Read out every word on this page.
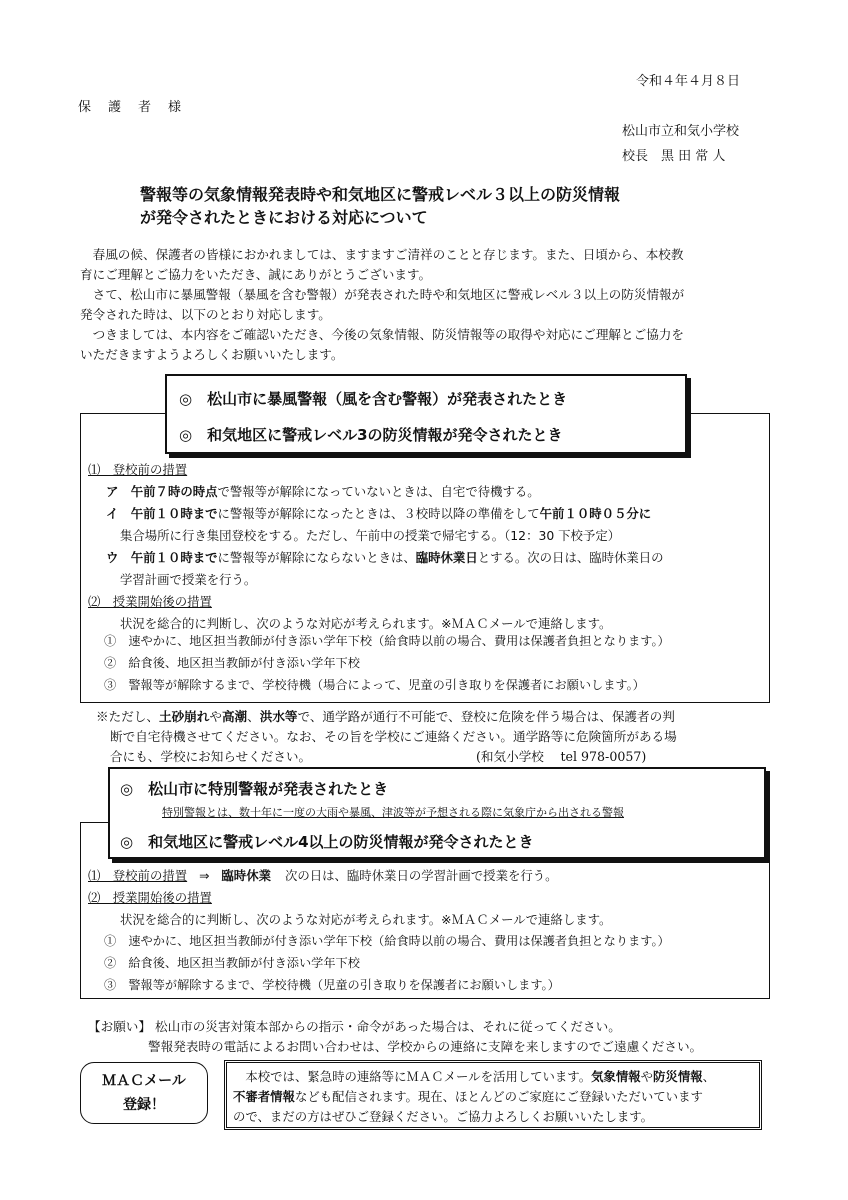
令和４年４月８日
保　護　者　様
松山市立和気小学校
校長　黒 田 常 人
警報等の気象情報発表時や和気地区に警戒レベル３以上の防災情報
が発令されたときにおける対応について

　春風の候、保護者の皆様におかれましては、ますますご清祥のことと存じます。また、日頃から、本校教

育にご理解とご協力をいただき、誠にありがとうございます。

　さて、松山市に暴風警報（暴風を含む警報）が発表された時や和気地区に警戒レベル３以上の防災情報が

発令された時は、以下のとおり対応します。

　つきましては、本内容をご確認いただき、今後の気象情報、防災情報等の取得や対応にご理解とご協力を

いただきますようよろしくお願いいたします。

◎　松山市に暴風警報（風を含む警報）が発表されたとき
◎　和気地区に警戒レベル3の防災情報が発令されたとき
⑴　登校前の措置
ア　午前７時の時点で警報等が解除になっていないときは、自宅で待機する。
イ　午前１０時までに警報等が解除になったときは、３校時以降の準備をして午前１０時０５分に
集合場所に行き集団登校をする。ただし、午前中の授業で帰宅する。（12：30 下校予定）
ウ　午前１０時までに警報等が解除にならないときは、臨時休業日とする。次の日は、臨時休業日の
学習計画で授業を行う。
⑵　授業開始後の措置
状況を総合的に判断し、次のような対応が考えられます。※ＭＡＣメールで連絡します。
①　速やかに、地区担当教師が付き添い学年下校（給食時以前の場合、費用は保護者負担となります。）
②　給食後、地区担当教師が付き添い学年下校
③　警報等が解除するまで、学校待機（場合によって、児童の引き取りを保護者にお願いします。）
※ただし、土砂崩れや高潮、洪水等で、通学路が通行不可能で、登校に危険を伴う場合は、保護者の判
断で自宅待機させてください。なお、その旨を学校にご連絡ください。通学路等に危険箇所がある場
合にも、学校にお知らせください。	(和気小学校　 tel 978-0057)
◎　松山市に特別警報が発表されたとき
特別警報とは、数十年に一度の大雨や暴風、津波等が予想される際に気象庁から出される警報
◎　和気地区に警戒レベル4以上の防災情報が発令されたとき
⑴　登校前の措置 ⇒ 臨時休業 次の日は、臨時休業日の学習計画で授業を行う。
⑵　授業開始後の措置
状況を総合的に判断し、次のような対応が考えられます。※ＭＡＣメールで連絡します。
①　速やかに、地区担当教師が付き添い学年下校（給食時以前の場合、費用は保護者負担となります。）
②　給食後、地区担当教師が付き添い学年下校
③　警報等が解除するまで、学校待機（児童の引き取りを保護者にお願いします。）
【お願い】 松山市の災害対策本部からの指示・命令があった場合は、それに従ってください。
警報発表時の電話によるお問い合わせは、学校からの連絡に支障を来しますのでご遠慮ください。
ＭＡＣメール
登録！
　本校では、緊急時の連絡等にＭＡＣメールを活用しています。気象情報や防災情報、
不審者情報なども配信されます。現在、ほとんどのご家庭にご登録いただいています
ので、まだの方はぜひご登録ください。ご協力よろしくお願いいたします。
